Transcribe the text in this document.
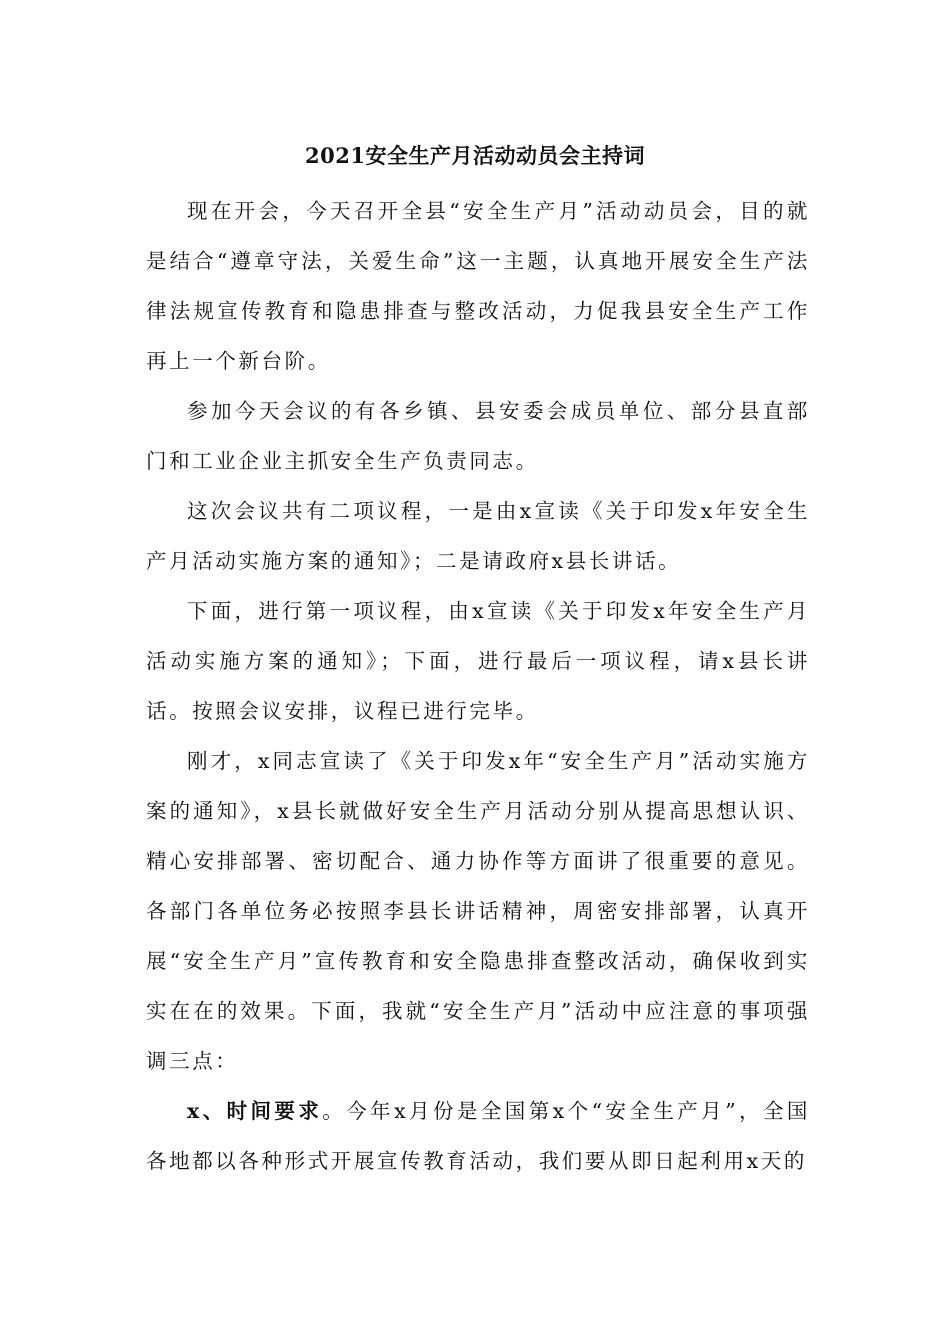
2021安全生产月活动动员会主持词

现在开会，今天召开全县“安全生产月”活动动员会，目的就是结合“遵章守法，关爱生命”这一主题，认真地开展安全生产法律法规宣传教育和隐患排查与整改活动，力促我县安全生产工作再上一个新台阶。

参加今天会议的有各乡镇、县安委会成员单位、部分县直部门和工业企业主抓安全生产负责同志。

这次会议共有二项议程，一是由x宣读《关于印发x年安全生产月活动实施方案的通知》；二是请政府x县长讲话。

下面，进行第一项议程，由x宣读《关于印发x年安全生产月活动实施方案的通知》；下面，进行最后一项议程，请x县长讲话。按照会议安排，议程已进行完毕。

刚才，x同志宣读了《关于印发x年“安全生产月”活动实施方案的通知》，x县长就做好安全生产月活动分别从提高思想认识、精心安排部署、密切配合、通力协作等方面讲了很重要的意见。各部门各单位务必按照李县长讲话精神，周密安排部署，认真开展“安全生产月”宣传教育和安全隐患排查整改活动，确保收到实实在在的效果。下面，我就“安全生产月”活动中应注意的事项强调三点：

x、时间要求。今年x月份是全国第x个“安全生产月”，全国各地都以各种形式开展宣传教育活动，我们要从即日起利用x天的
